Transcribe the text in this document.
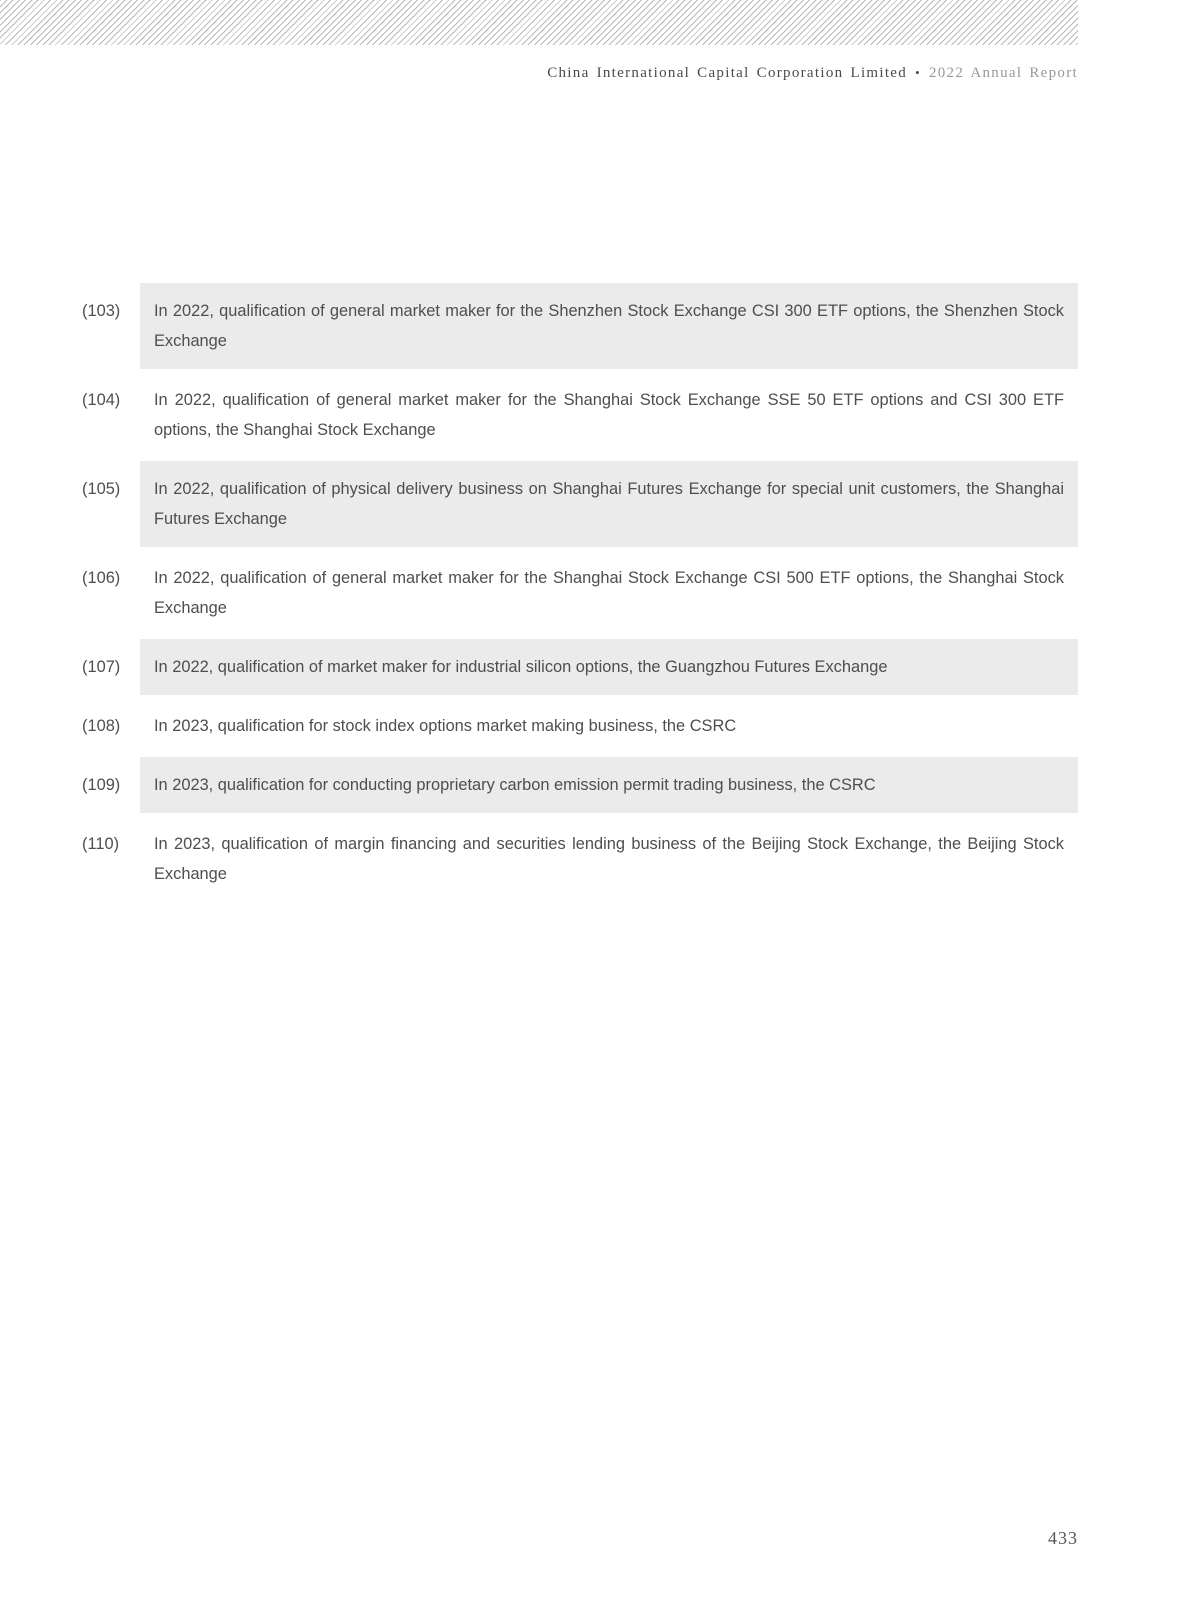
China International Capital Corporation Limited • 2022 Annual Report
(103)	In 2022, qualification of general market maker for the Shenzhen Stock Exchange CSI 300 ETF options, the Shenzhen Stock Exchange
(104)	In 2022, qualification of general market maker for the Shanghai Stock Exchange SSE 50 ETF options and CSI 300 ETF options, the Shanghai Stock Exchange
(105)	In 2022, qualification of physical delivery business on Shanghai Futures Exchange for special unit customers, the Shanghai Futures Exchange
(106)	In 2022, qualification of general market maker for the Shanghai Stock Exchange CSI 500 ETF options, the Shanghai Stock Exchange
(107)	In 2022, qualification of market maker for industrial silicon options, the Guangzhou Futures Exchange
(108)	In 2023, qualification for stock index options market making business, the CSRC
(109)	In 2023, qualification for conducting proprietary carbon emission permit trading business, the CSRC
(110)	In 2023, qualification of margin financing and securities lending business of the Beijing Stock Exchange, the Beijing Stock Exchange
433
